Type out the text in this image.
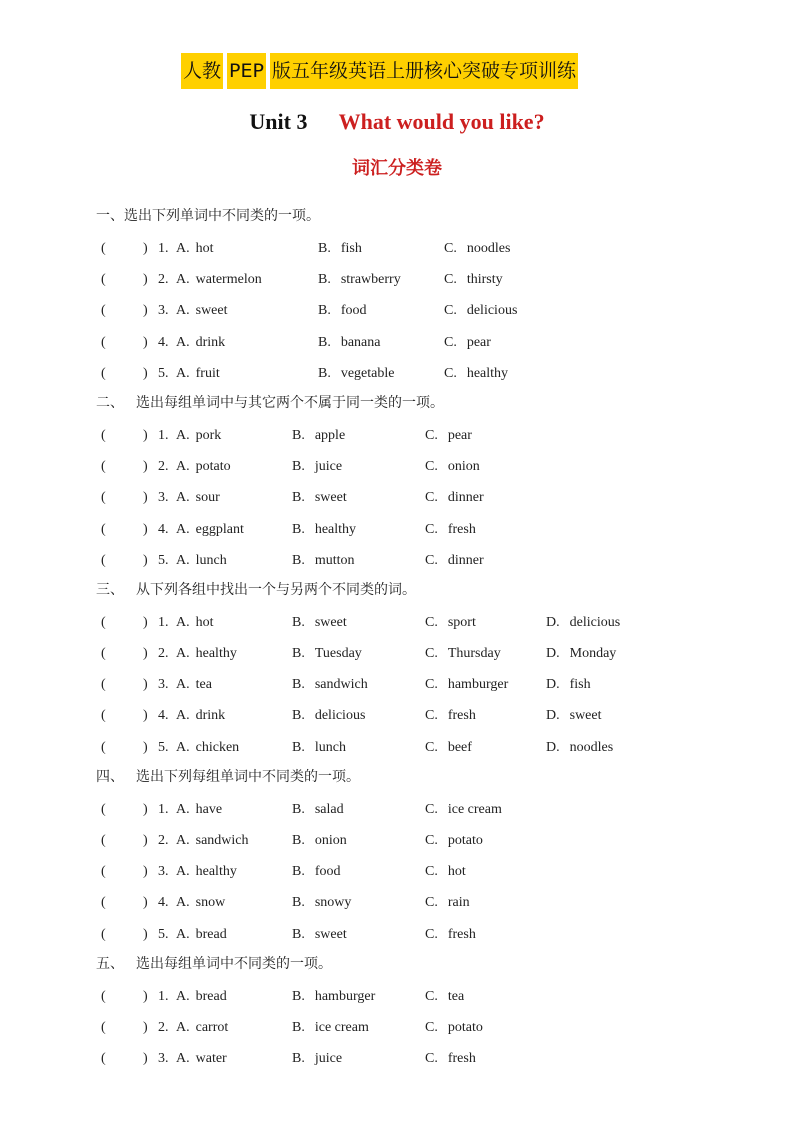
人教 PEP 版五年级英语上册核心突破专项训练
Unit 3 What would you like?
词汇分类卷
一、选出下列单词中不同类的一项。
(	) 1. A. hot	B. fish	C. noodles
(	) 2. A. watermelon	B. strawberry	C. thirsty
(	) 3. A. sweet	B. food	C. delicious
(	) 4. A. drink	B. banana	C. pear
(	) 5. A. fruit	B. vegetable	C. healthy
二、 选出每组单词中与其它两个不属于同一类的一项。
(	) 1. A. pork	B. apple	C. pear
(	) 2. A. potato	B. juice	C. onion
(	) 3. A. sour	B. sweet	C. dinner
(	) 4. A. eggplant	B. healthy	C. fresh
(	) 5. A. lunch	B. mutton	C. dinner
三、 从下列各组中找出一个与另两个不同类的词。
(	) 1. A. hot	B. sweet	C. sport	D. delicious
(	) 2. A. healthy	B. Tuesday	C. Thursday	D. Monday
(	) 3. A. tea	B. sandwich	C. hamburger	D. fish
(	) 4. A. drink	B. delicious	C. fresh	D. sweet
(	) 5. A. chicken	B. lunch	C. beef	D. noodles
四、 选出下列每组单词中不同类的一项。
(	) 1. A. have	B. salad	C. ice cream
(	) 2. A. sandwich	B. onion	C. potato
(	) 3. A. healthy	B. food	C. hot
(	) 4. A. snow	B. snowy	C. rain
(	) 5. A. bread	B. sweet	C. fresh
五、 选出每组单词中不同类的一项。
(	) 1. A. bread	B. hamburger	C. tea
(	) 2. A. carrot	B. ice cream	C. potato
(	) 3. A. water	B. juice	C. fresh
